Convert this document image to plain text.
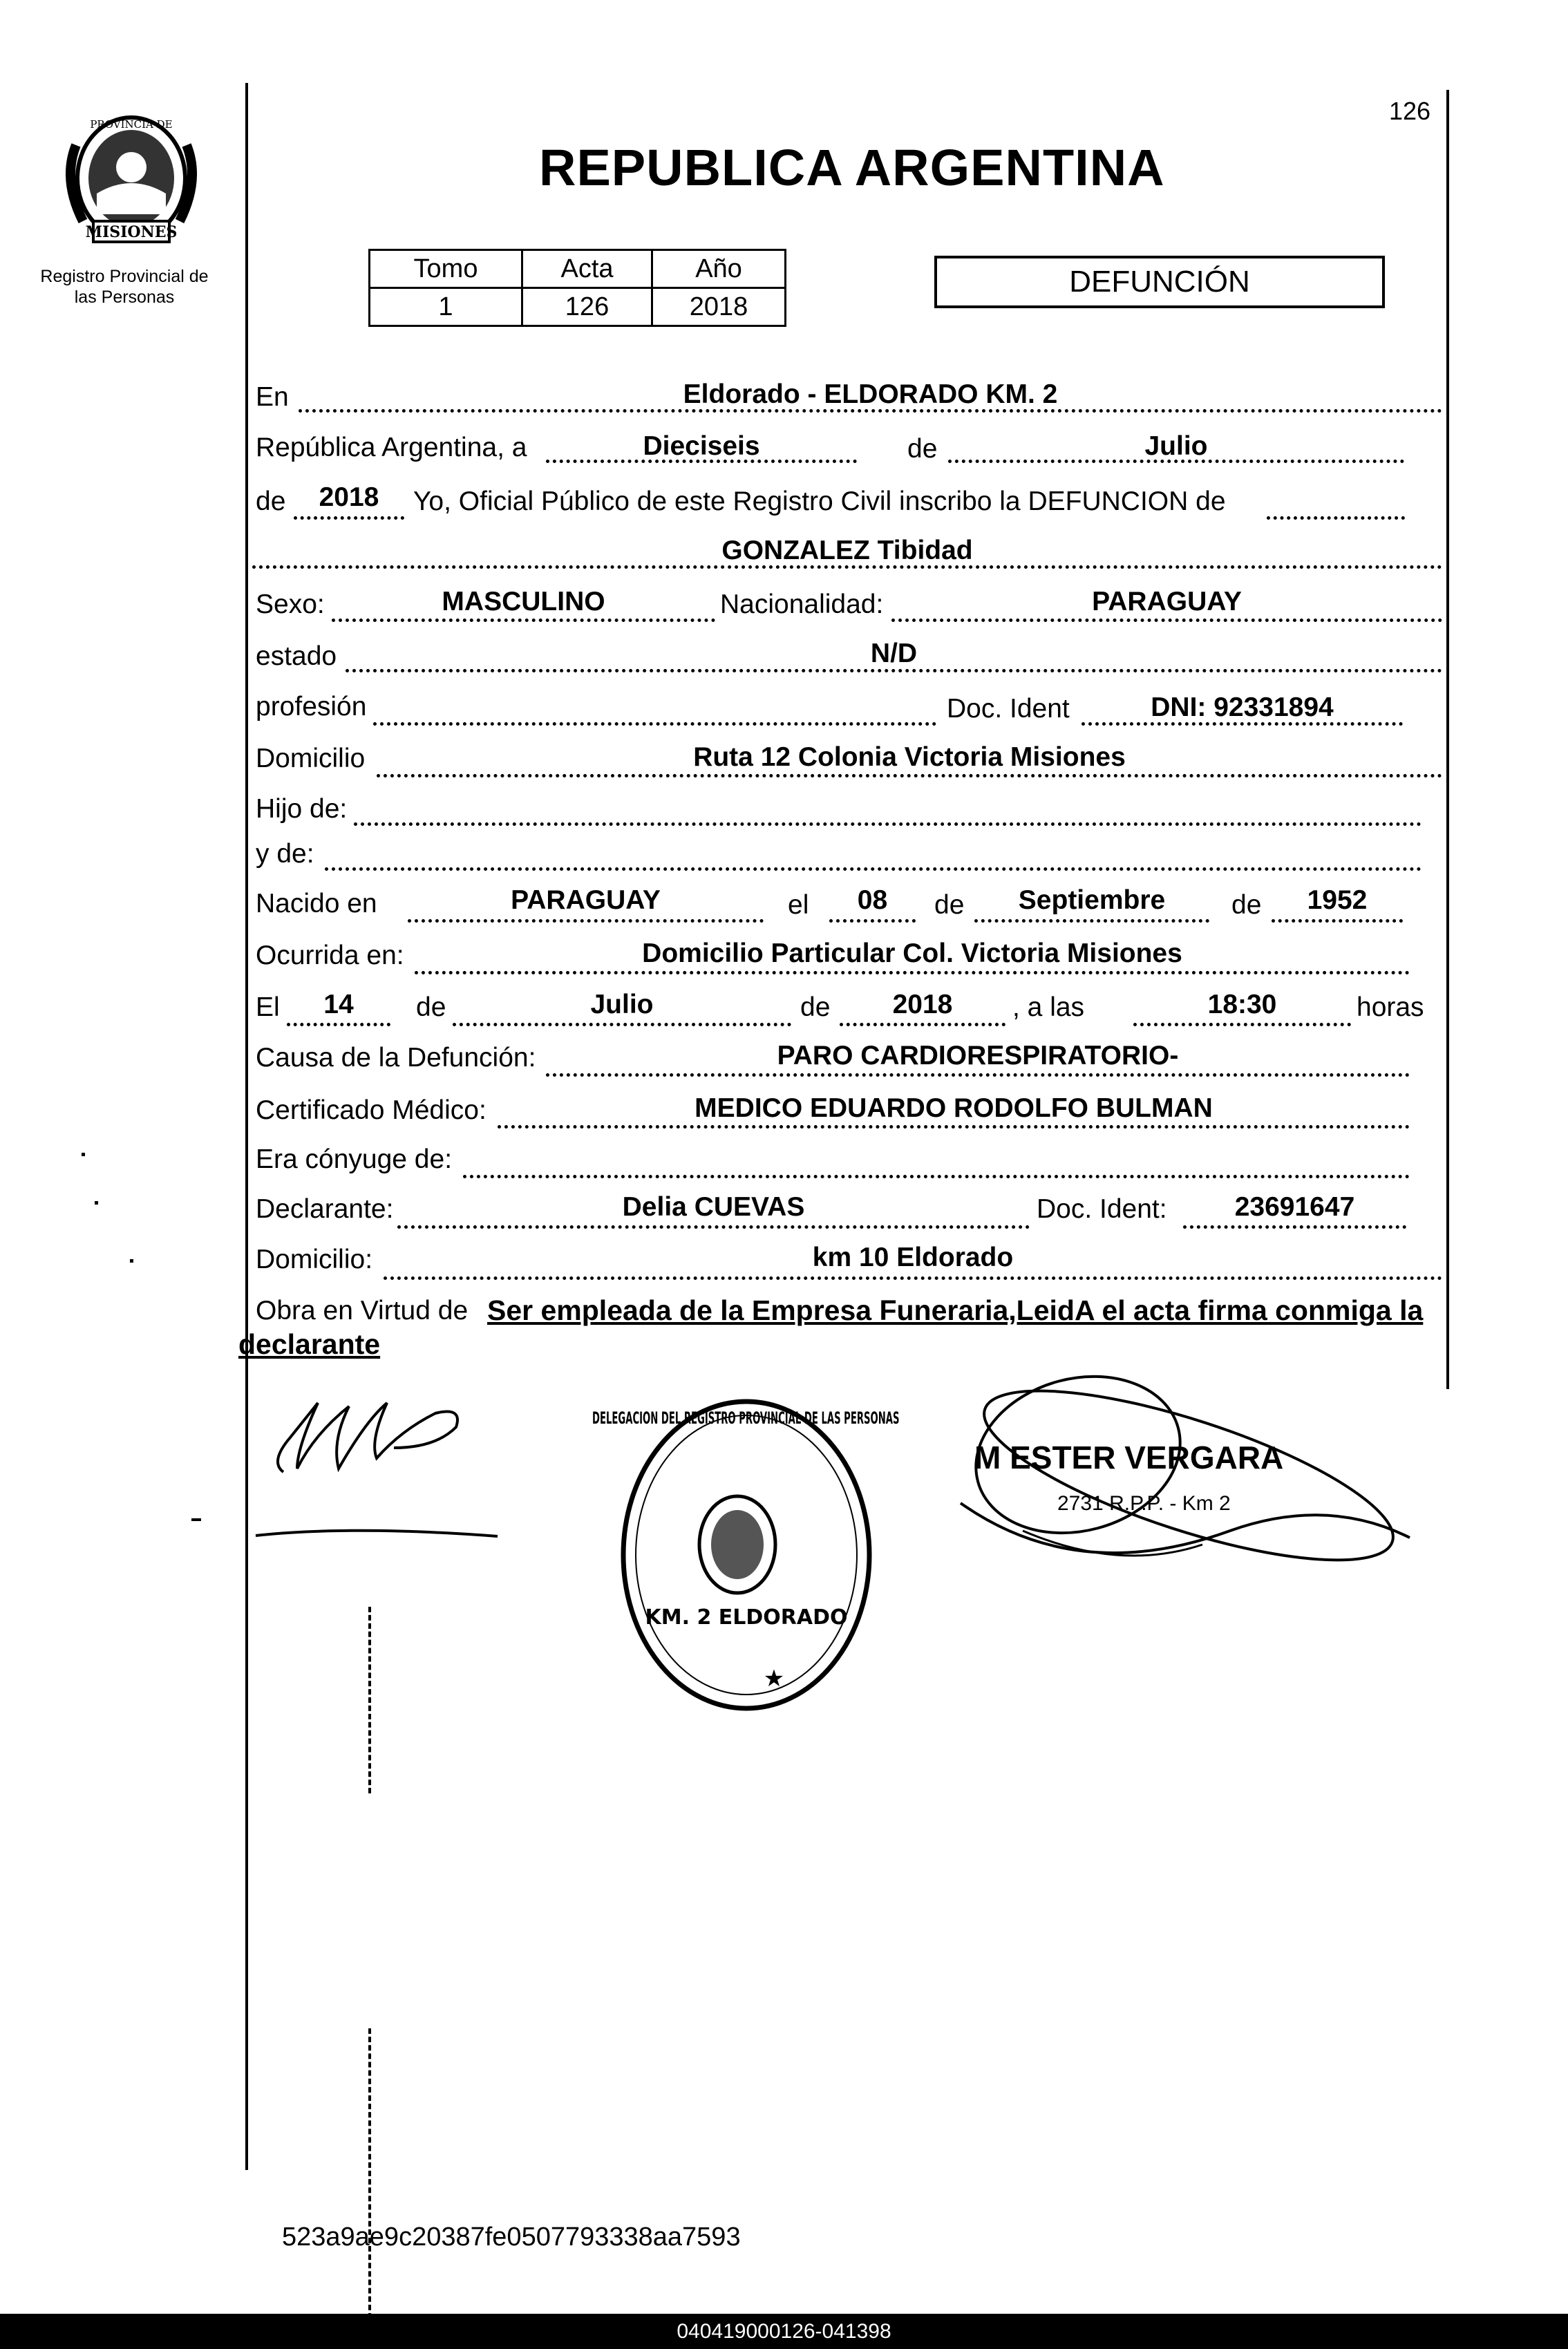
MISIONES
PROVINCIA DE
Registro Provincial de
las Personas
126
REPUBLICA ARGENTINA
Tomo	Acta	Año
1	126	2018
DEFUNCIÓN
En	Eldorado - ELDORADO KM. 2
República Argentina, a	Dieciseis	de	Julio
de	2018	Yo, Oficial Público de este Registro Civil inscribo la DEFUNCION de
GONZALEZ Tibidad
Sexo:	MASCULINO	Nacionalidad:	PARAGUAY
estado	N/D
profesión	Doc. Ident	DNI: 92331894
Domicilio	Ruta 12 Colonia Victoria Misiones
Hijo de:
y de:
Nacido en	PARAGUAY	el	08	de	Septiembre	de	1952
Ocurrida en:	Domicilio Particular Col. Victoria Misiones
El	14	de	Julio	de	2018	, a las	18:30	horas
Causa de la Defunción:	PARO CARDIORESPIRATORIO-
Certificado Médico:	MEDICO EDUARDO RODOLFO BULMAN
Era cónyuge de:
Declarante:	Delia CUEVAS	Doc. Ident:	23691647
Domicilio:	km 10 Eldorado
Obra en Virtud de Ser empleada de la Empresa Funeraria,LeidA el acta firma conmiga la
declarante
DELEGACION DEL REGISTRO PROVINCIAL DE LAS PERSONAS
KM. 2 ELDORADO
★
M ESTER VERGARA
2731 R.P.P. - Km 2
523a9ae9c20387fe0507793338aa7593
040419000126-041398
